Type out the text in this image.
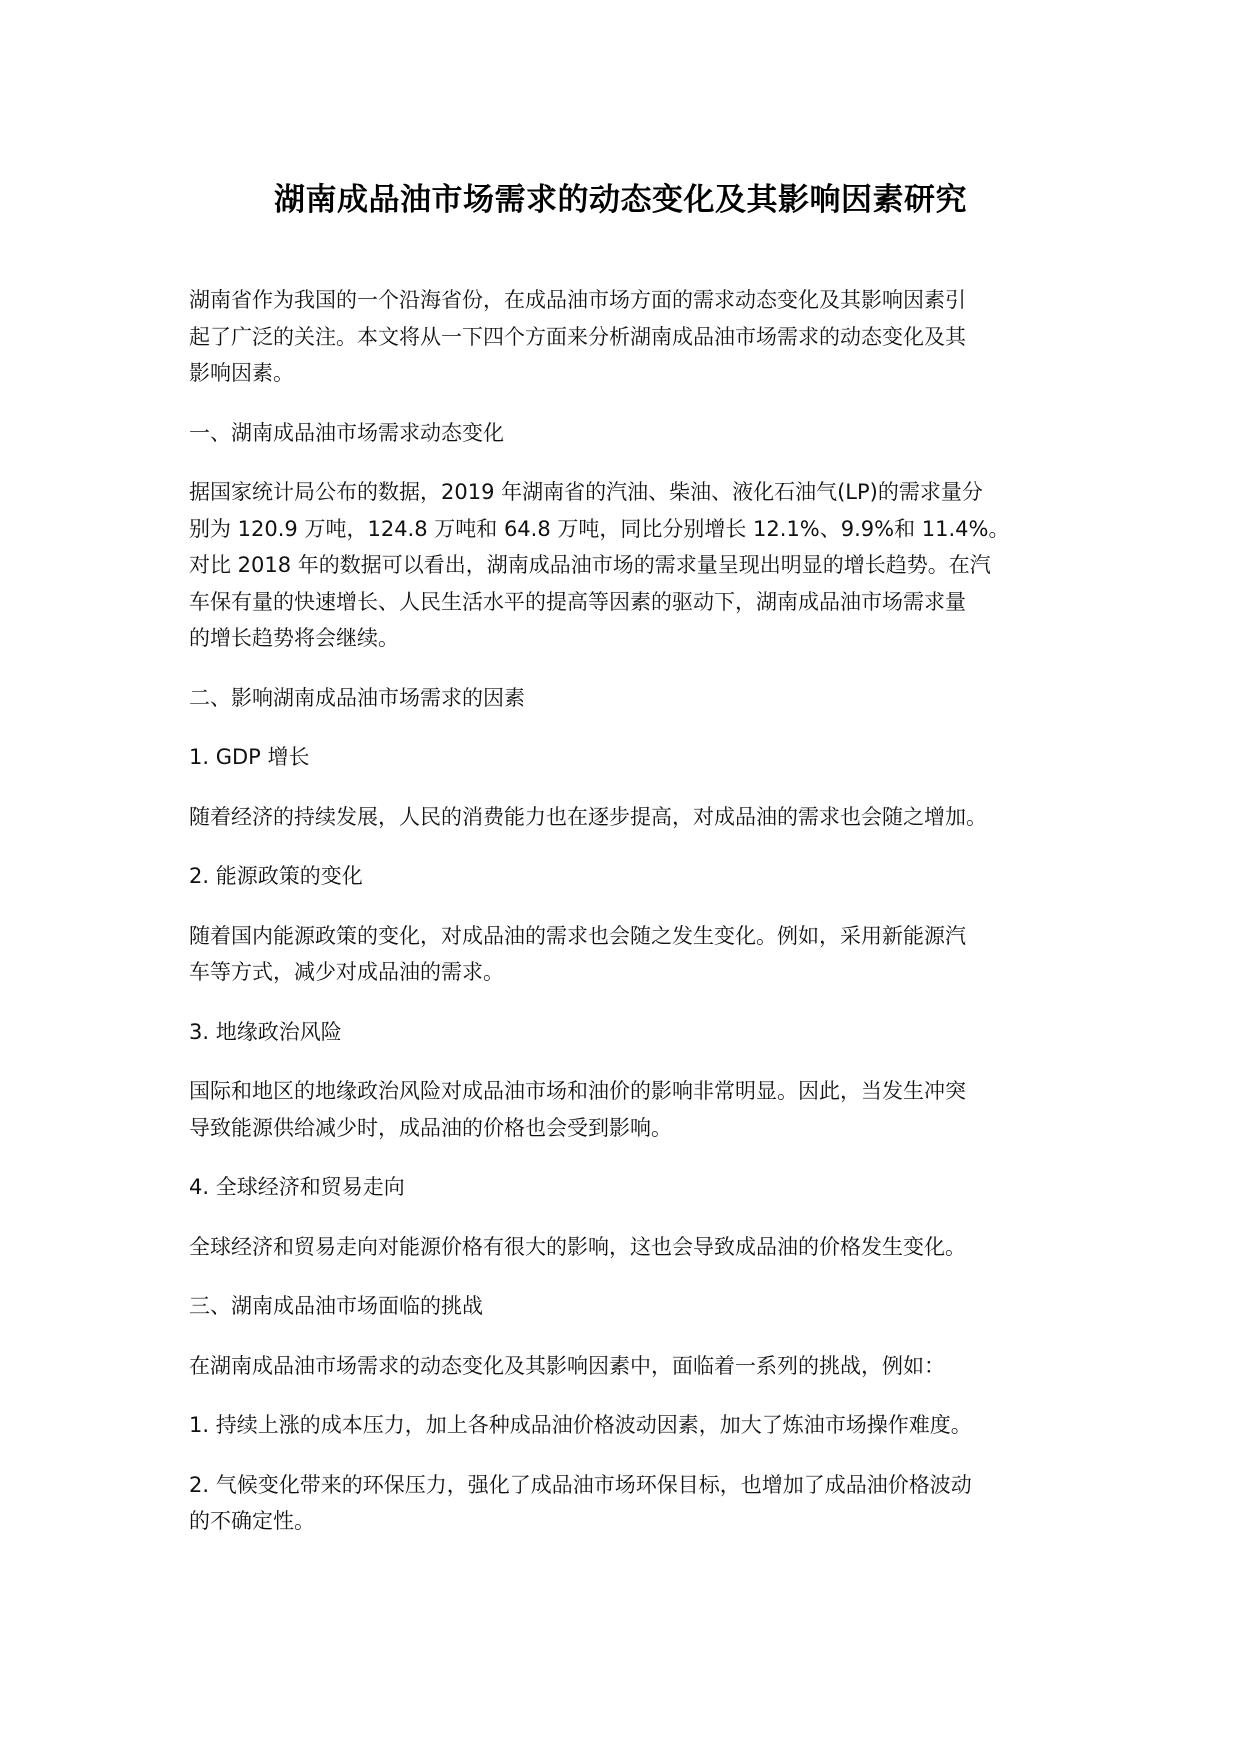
湖南成品油市场需求的动态变化及其影响因素研究
湖南省作为我国的一个沿海省份，在成品油市场方面的需求动态变化及其影响因素引
起了广泛的关注。本文将从一下四个方面来分析湖南成品油市场需求的动态变化及其
影响因素。
一、湖南成品油市场需求动态变化
据国家统计局公布的数据，2019 年湖南省的汽油、柴油、液化石油气(LP)的需求量分
别为 120.9 万吨，124.8 万吨和 64.8 万吨，同比分别增长 12.1%、9.9%和 11.4%。
对比 2018 年的数据可以看出，湖南成品油市场的需求量呈现出明显的增长趋势。在汽
车保有量的快速增长、人民生活水平的提高等因素的驱动下，湖南成品油市场需求量
的增长趋势将会继续。
二、影响湖南成品油市场需求的因素
1. GDP 增长
随着经济的持续发展，人民的消费能力也在逐步提高，对成品油的需求也会随之增加。
2. 能源政策的变化
随着国内能源政策的变化，对成品油的需求也会随之发生变化。例如，采用新能源汽
车等方式，减少对成品油的需求。
3. 地缘政治风险
国际和地区的地缘政治风险对成品油市场和油价的影响非常明显。因此，当发生冲突
导致能源供给减少时，成品油的价格也会受到影响。
4. 全球经济和贸易走向
全球经济和贸易走向对能源价格有很大的影响，这也会导致成品油的价格发生变化。
三、湖南成品油市场面临的挑战
在湖南成品油市场需求的动态变化及其影响因素中，面临着一系列的挑战，例如：
1. 持续上涨的成本压力，加上各种成品油价格波动因素，加大了炼油市场操作难度。
2. 气候变化带来的环保压力，强化了成品油市场环保目标，也增加了成品油价格波动
的不确定性。
